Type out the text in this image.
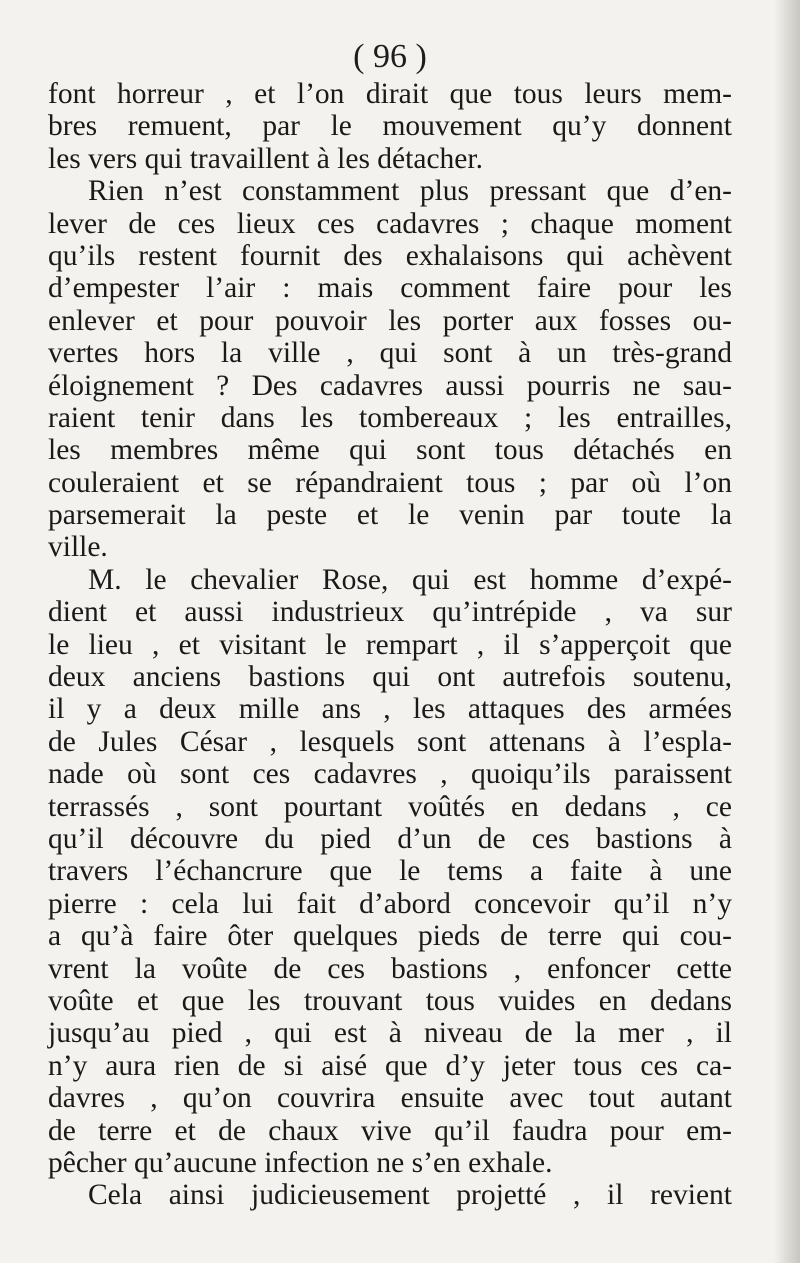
( 96 )
font horreur , et l’on dirait que tous leurs mem-
bres remuent, par le mouvement qu’y donnent
les vers qui travaillent à les détacher.
Rien n’est constamment plus pressant que d’en-
lever de ces lieux ces cadavres ; chaque moment
qu’ils restent fournit des exhalaisons qui achèvent
d’empester l’air : mais comment faire pour les
enlever et pour pouvoir les porter aux fosses ou-
vertes hors la ville , qui sont à un très-grand
éloignement ? Des cadavres aussi pourris ne sau-
raient tenir dans les tombereaux ; les entrailles,
les membres même qui sont tous détachés en
couleraient et se répandraient tous ; par où l’on
parsemerait la peste et le venin par toute la
ville.
M. le chevalier Rose, qui est homme d’expé-
dient et aussi industrieux qu’intrépide , va sur
le lieu , et visitant le rempart , il s’apperçoit que
deux anciens bastions qui ont autrefois soutenu,
il y a deux mille ans , les attaques des armées
de Jules César , lesquels sont attenans à l’espla-
nade où sont ces cadavres , quoiqu’ils paraissent
terrassés , sont pourtant voûtés en dedans , ce
qu’il découvre du pied d’un de ces bastions à
travers l’échancrure que le tems a faite à une
pierre : cela lui fait d’abord concevoir qu’il n’y
a qu’à faire ôter quelques pieds de terre qui cou-
vrent la voûte de ces bastions , enfoncer cette
voûte et que les trouvant tous vuides en dedans
jusqu’au pied , qui est à niveau de la mer , il
n’y aura rien de si aisé que d’y jeter tous ces ca-
davres , qu’on couvrira ensuite avec tout autant
de terre et de chaux vive qu’il faudra pour em-
pêcher qu’aucune infection ne s’en exhale.
Cela ainsi judicieusement projetté , il revient
